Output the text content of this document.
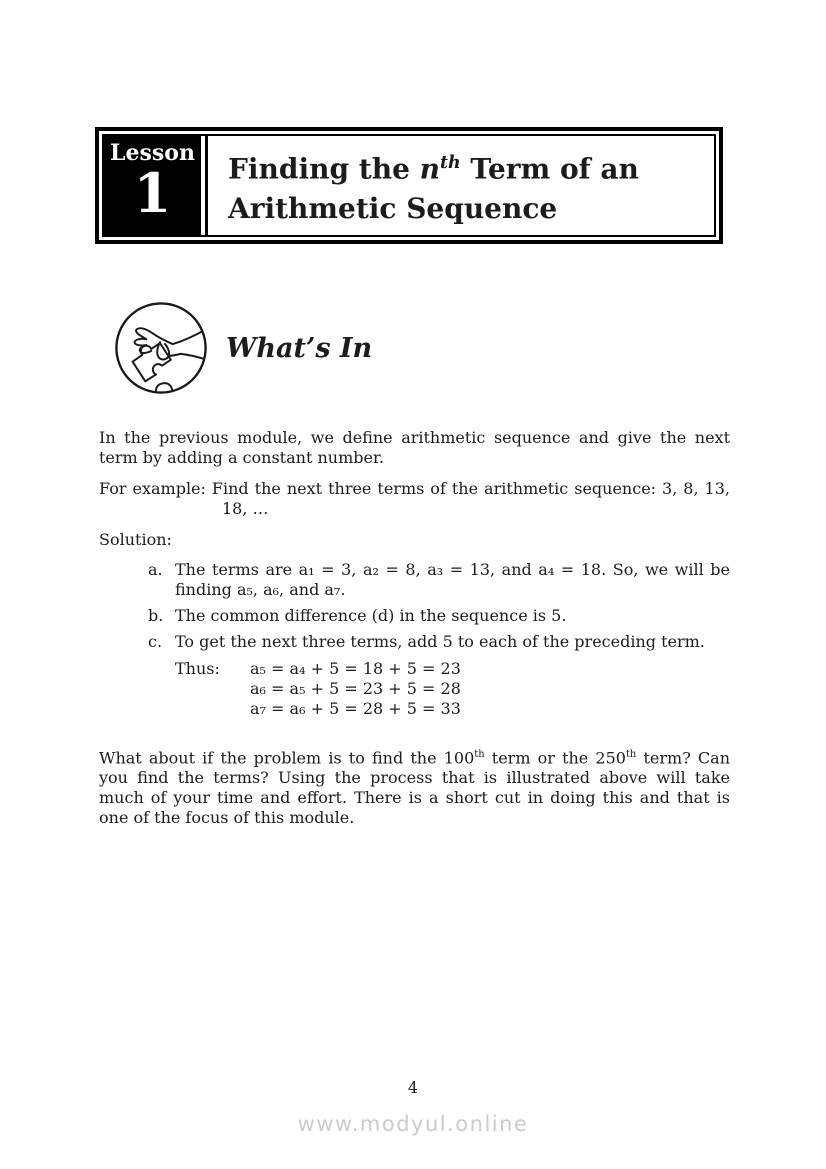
Lesson
1 Finding the $n^{th}$ Term of an
Arithmetic Sequence
What’s In
In the previous module, we define arithmetic sequence and give the next
term by adding a constant number.
For example: Find the next three terms of the arithmetic sequence: 3, 8, 13,
18, …
Solution:
a. The terms are a₁ = 3, a₂ = 8, a₃ = 13, and a₄ = 18. So, we will be
finding a₅, a₆, and a₇.
b. The common difference (d) in the sequence is 5.
c. To get the next three terms, add 5 to each of the preceding term.
Thus:	a₅ = a₄ + 5 = 18 + 5 = 23
a₆ = a₅ + 5 = 23 + 5 = 28
a₇ = a₆ + 5 = 28 + 5 = 33
What about if the problem is to find the 100th term or the 250th term? Can
you find the terms? Using the process that is illustrated above will take
much of your time and effort. There is a short cut in doing this and that is
one of the focus of this module.
4
www.modyul.online
